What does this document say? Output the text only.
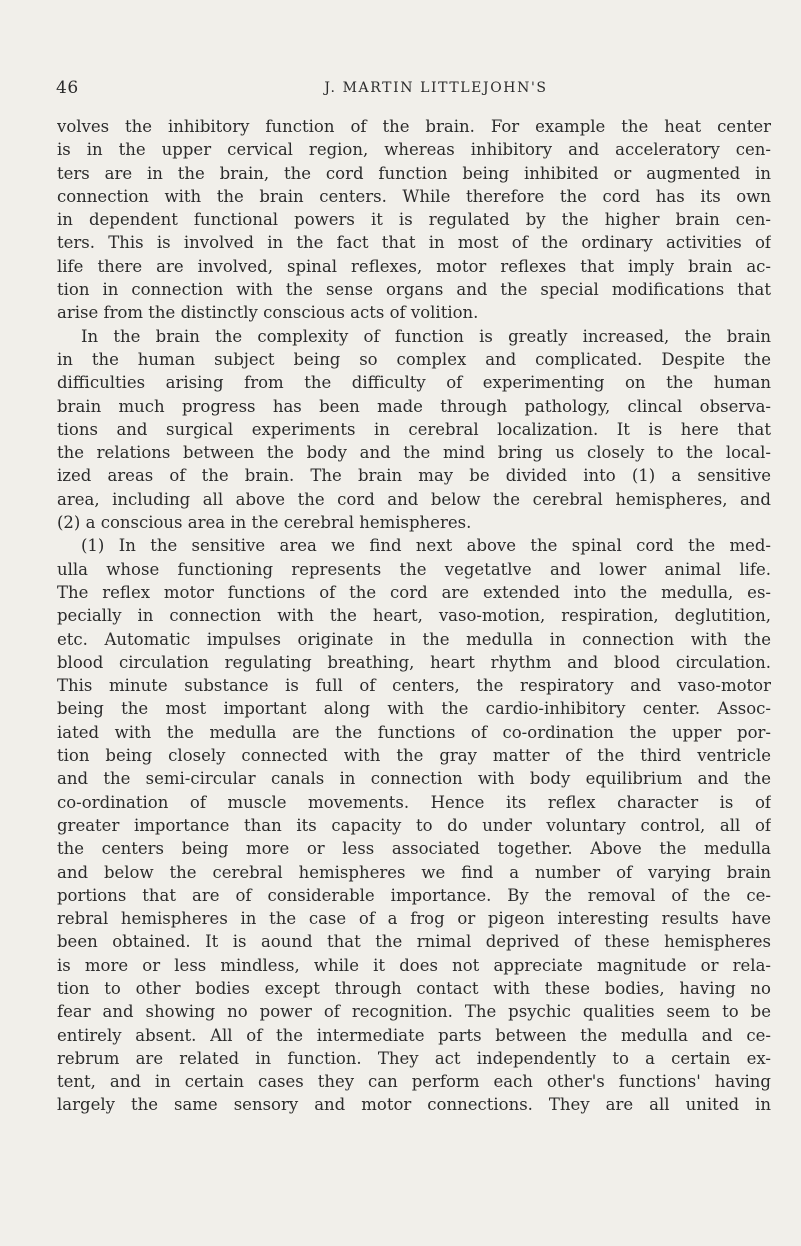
46	J. MARTIN LITTLEJOHN'S
volves the inhibitory function of the brain. For example the heat center
is in the upper cervical region, whereas inhibitory and acceleratory cen-
ters are in the brain, the cord function being inhibited or augmented in
connection with the brain centers. While therefore the cord has its own
in dependent functional powers it is regulated by the higher brain cen-
ters. This is involved in the fact that in most of the ordinary activities of
life there are involved, spinal reflexes, motor reflexes that imply brain ac-
tion in connection with the sense organs and the special modifications that
arise from the distinctly conscious acts of volition.
In the brain the complexity of function is greatly increased, the brain
in the human subject being so complex and complicated. Despite the
difficulties arising from the difficulty of experimenting on the human
brain much progress has been made through pathology, clincal observa-
tions and surgical experiments in cerebral localization. It is here that
the relations between the body and the mind bring us closely to the local-
ized areas of the brain. The brain may be divided into (1) a sensitive
area, including all above the cord and below the cerebral hemispheres, and
(2) a conscious area in the cerebral hemispheres.
(1) In the sensitive area we find next above the spinal cord the med-
ulla whose functioning represents the vegetatlve and lower animal life.
The reflex motor functions of the cord are extended into the medulla, es-
pecially in connection with the heart, vaso-motion, respiration, deglutition,
etc. Automatic impulses originate in the medulla in connection with the
blood circulation regulating breathing, heart rhythm and blood circulation.
This minute substance is full of centers, the respiratory and vaso-motor
being the most important along with the cardio-inhibitory center. Assoc-
iated with the medulla are the functions of co-ordination the upper por-
tion being closely connected with the gray matter of the third ventricle
and the semi-circular canals in connection with body equilibrium and the
co-ordination of muscle movements. Hence its reflex character is of
greater importance than its capacity to do under voluntary control, all of
the centers being more or less associated together. Above the medulla
and below the cerebral hemispheres we find a number of varying brain
portions that are of considerable importance. By the removal of the ce-
rebral hemispheres in the case of a frog or pigeon interesting results have
been obtained. It is aound that the rnimal deprived of these hemispheres
is more or less mindless, while it does not appreciate magnitude or rela-
tion to other bodies except through contact with these bodies, having no
fear and showing no power of recognition. The psychic qualities seem to be
entirely absent. All of the intermediate parts between the medulla and ce-
rebrum are related in function. They act independently to a certain ex-
tent, and in certain cases they can perform each other's functions' having
largely the same sensory and motor connections. They are all united in
